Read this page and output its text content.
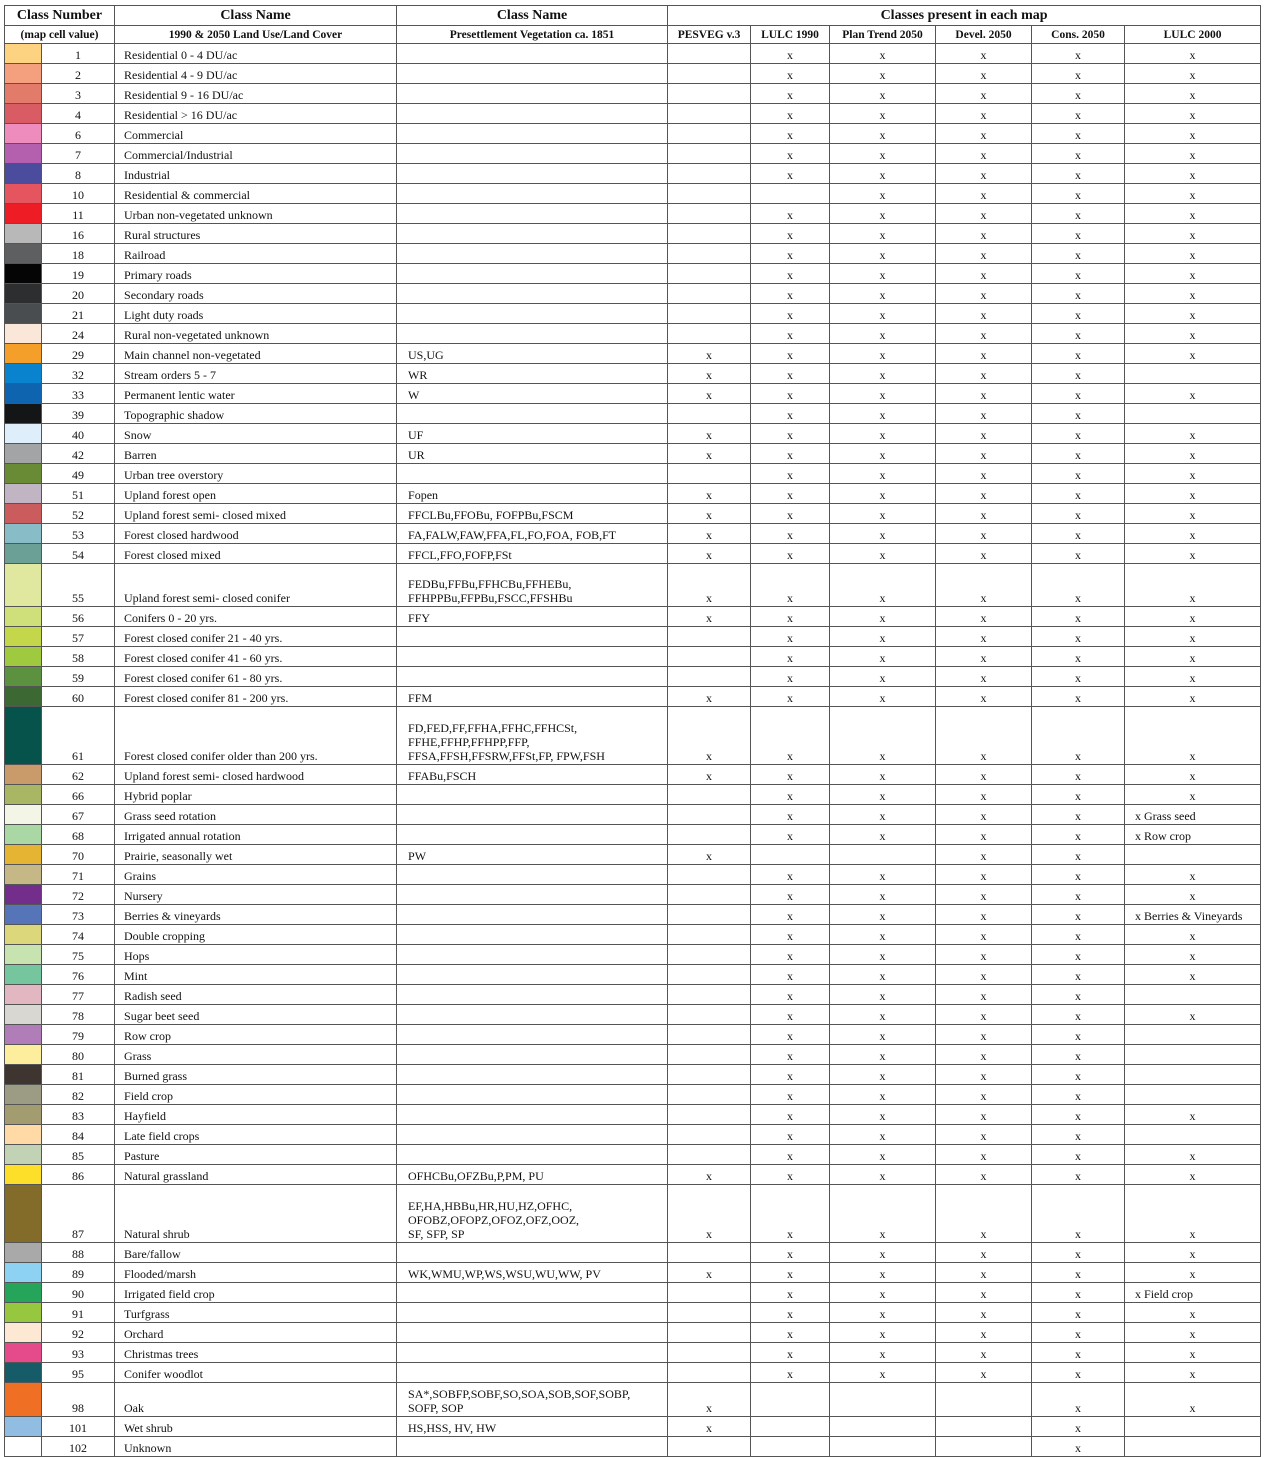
Class Number		Class Name	Class Name	Classes present in each map					
(map cell value)		1990 & 2050 Land Use/Land Cover	Presettlement Vegetation ca. 1851	PESVEG v.3	LULC 1990	Plan Trend 2050	Devel. 2050	Cons. 2050	LULC 2000

	1	Residential 0 - 4 DU/ac			x	x	x	x	x

	2	Residential 4 - 9 DU/ac			x	x	x	x	x

	3	Residential 9 - 16 DU/ac			x	x	x	x	x

	4	Residential > 16 DU/ac			x	x	x	x	x

	6	Commercial			x	x	x	x	x

	7	Commercial/Industrial			x	x	x	x	x

	8	Industrial			x	x	x	x	x

	10	Residential & commercial				x	x	x	x

	11	Urban non-vegetated unknown			x	x	x	x	x

	16	Rural structures			x	x	x	x	x

	18	Railroad			x	x	x	x	x

	19	Primary roads			x	x	x	x	x

	20	Secondary roads			x	x	x	x	x

	21	Light duty roads			x	x	x	x	x

	24	Rural non-vegetated unknown			x	x	x	x	x

	29	Main channel non-vegetated	US,UG	x	x	x	x	x	x

	32	Stream orders 5 - 7	WR	x	x	x	x	x	

	33	Permanent lentic water	W	x	x	x	x	x	x

	39	Topographic shadow			x	x	x	x	

	40	Snow	UF	x	x	x	x	x	x

	42	Barren	UR	x	x	x	x	x	x

	49	Urban tree overstory			x	x	x	x	x

	51	Upland forest open	Fopen	x	x	x	x	x	x

	52	Upland forest semi- closed mixed	FFCLBu,FFOBu, FOFPBu,FSCM	x	x	x	x	x	x

	53	Forest closed hardwood	FA,FALW,FAW,FFA,FL,FO,FOA, FOB,FT	x	x	x	x	x	x

	54	Forest closed mixed	FFCL,FFO,FOFP,FSt	x	x	x	x	x	x

	55	Upland forest semi- closed conifer	FEDBu,FFBu,FFHCBu,FFHEBu,
FFHPPBu,FFPBu,FSCC,FFSHBu	x	x	x	x	x	x

	56	Conifers 0 - 20 yrs.	FFY	x	x	x	x	x	x

	57	Forest closed conifer 21 - 40 yrs.			x	x	x	x	x

	58	Forest closed conifer 41 - 60 yrs.			x	x	x	x	x

	59	Forest closed conifer 61 - 80 yrs.			x	x	x	x	x

	60	Forest closed conifer 81 - 200 yrs.	FFM	x	x	x	x	x	x

	61	Forest closed conifer older than 200 yrs.	FD,FED,FF,FFHA,FFHC,FFHCSt,
FFHE,FFHP,FFHPP,FFP,
FFSA,FFSH,FFSRW,FFSt,FP, FPW,FSH	x	x	x	x	x	x

	62	Upland forest semi- closed hardwood	FFABu,FSCH	x	x	x	x	x	x

	66	Hybrid poplar			x	x	x	x	x

	67	Grass seed rotation			x	x	x	x	x Grass seed

	68	Irrigated annual rotation			x	x	x	x	x Row crop

	70	Prairie, seasonally wet	PW	x			x	x	

	71	Grains			x	x	x	x	x

	72	Nursery			x	x	x	x	x

	73	Berries & vineyards			x	x	x	x	x Berries & Vineyards

	74	Double cropping			x	x	x	x	x

	75	Hops			x	x	x	x	x

	76	Mint			x	x	x	x	x

	77	Radish seed			x	x	x	x	

	78	Sugar beet seed			x	x	x	x	x

	79	Row crop			x	x	x	x	

	80	Grass			x	x	x	x	

	81	Burned grass			x	x	x	x	

	82	Field crop			x	x	x	x	

	83	Hayfield			x	x	x	x	x

	84	Late field crops			x	x	x	x	

	85	Pasture			x	x	x	x	x

	86	Natural grassland	OFHCBu,OFZBu,P,PM, PU	x	x	x	x	x	x

	87	Natural shrub	EF,HA,HBBu,HR,HU,HZ,OFHC,
OFOBZ,OFOPZ,OFOZ,OFZ,OOZ,
SF, SFP, SP	x	x	x	x	x	x

	88	Bare/fallow			x	x	x	x	x

	89	Flooded/marsh	WK,WMU,WP,WS,WSU,WU,WW, PV	x	x	x	x	x	x

	90	Irrigated field crop			x	x	x	x	x Field crop

	91	Turfgrass			x	x	x	x	x

	92	Orchard			x	x	x	x	x

	93	Christmas trees			x	x	x	x	x

	95	Conifer woodlot			x	x	x	x	x

	98	Oak	SA*,SOBFP,SOBF,SO,SOA,SOB,SOF,SOBP,
SOFP, SOP	x				x	x

	101	Wet shrub	HS,HSS, HV, HW	x				x	

	102	Unknown						x	
